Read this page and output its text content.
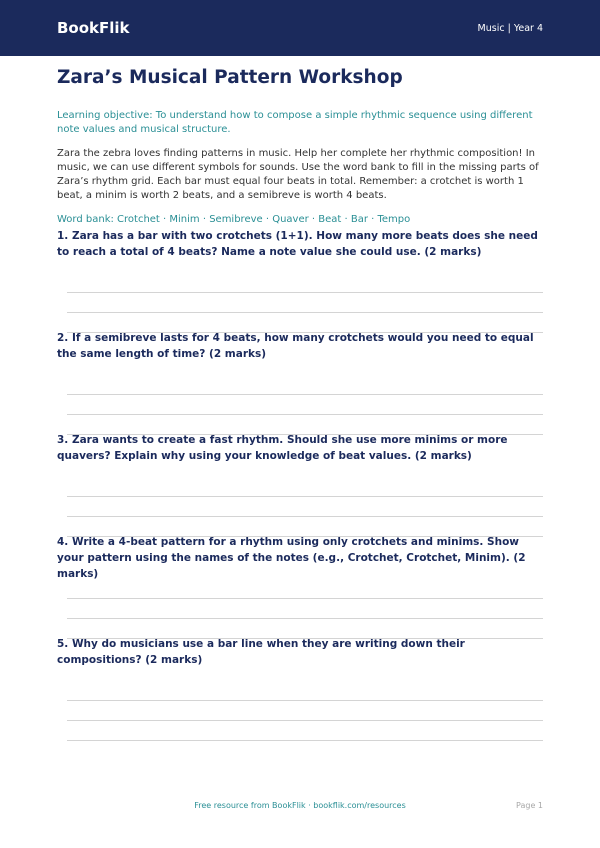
BookFlik	Music | Year 4
Zara’s Musical Pattern Workshop
Learning objective: To understand how to compose a simple rhythmic sequence using different note values and musical structure.
Zara the zebra loves finding patterns in music. Help her complete her rhythmic composition! In music, we can use different symbols for sounds. Use the word bank to fill in the missing parts of Zara’s rhythm grid. Each bar must equal four beats in total. Remember: a crotchet is worth 1 beat, a minim is worth 2 beats, and a semibreve is worth 4 beats.
Word bank: Crotchet · Minim · Semibreve · Quaver · Beat · Bar · Tempo
1. Zara has a bar with two crotchets (1+1). How many more beats does she need to reach a total of 4 beats? Name a note value she could use. (2 marks)
2. If a semibreve lasts for 4 beats, how many crotchets would you need to equal the same length of time? (2 marks)
3. Zara wants to create a fast rhythm. Should she use more minims or more quavers? Explain why using your knowledge of beat values. (2 marks)
4. Write a 4-beat pattern for a rhythm using only crotchets and minims. Show your pattern using the names of the notes (e.g., Crotchet, Crotchet, Minim). (2 marks)
5. Why do musicians use a bar line when they are writing down their compositions? (2 marks)
Free resource from BookFlik · bookflik.com/resources	Page 1
